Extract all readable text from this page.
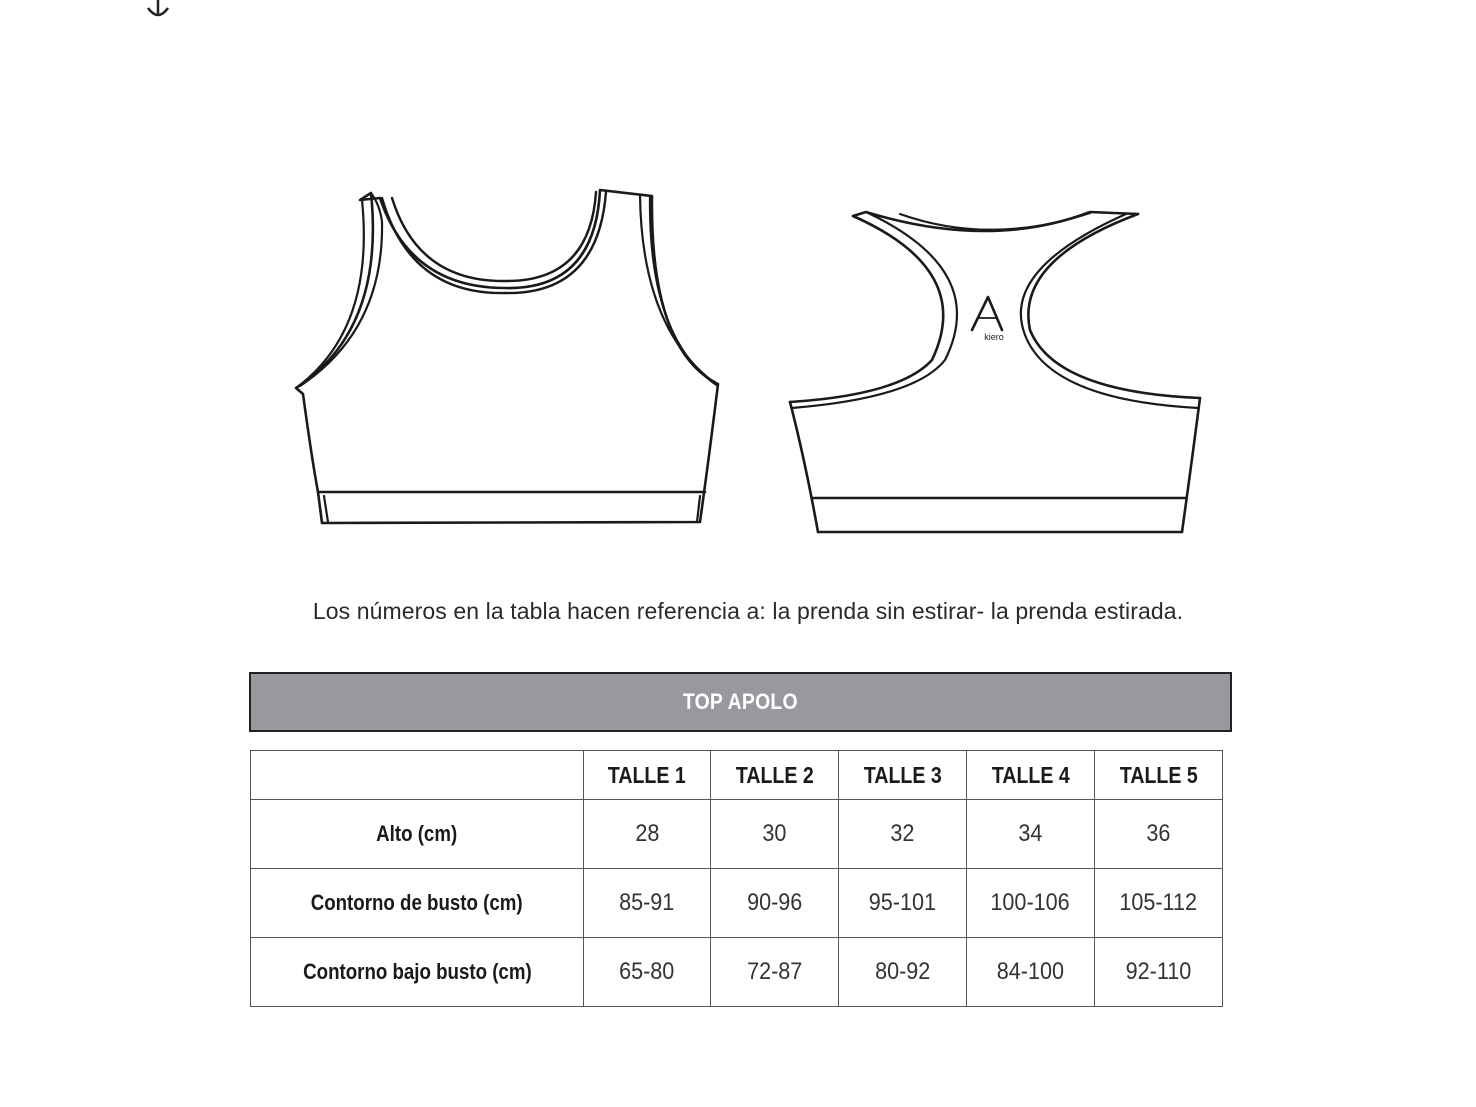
kiero
Los números en la tabla hacen referencia a: la prenda sin estirar- la prenda estirada.
TOP APOLO
	TALLE 1	TALLE 2	TALLE 3	TALLE 4	TALLE 5
Alto (cm)	28	30	32	34	36
Contorno de busto (cm)	85-91	90-96	95-101	100-106	105-112
Contorno bajo busto (cm)	65-80	72-87	80-92	84-100	92-110
